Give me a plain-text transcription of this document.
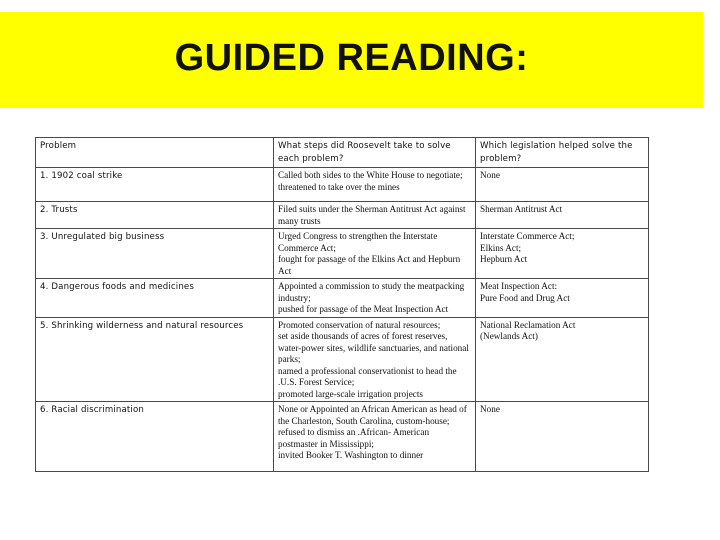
GUIDED READING:
Problem	What steps did Roosevelt take to solve each problem?	Which legislation helped solve the problem?
1. 1902 coal strike	Called both sides to the White House to negotiate;
threatened to take over the mines	None
2. Trusts	Filed suits under the Sherman Antitrust Act against many trusts	Sherman Antitrust Act
3. Unregulated big business	Urged Congress to strengthen the Interstate Commerce Act;
fought for passage of the Elkins Act and Hepburn Act	Interstate Commerce Act;
Elkins Act;
Hepburn Act
4. Dangerous foods and medicines	Appointed a commission to study the meatpacking industry;
pushed for passage of the Meat Inspection Act	Meat Inspection Act:
Pure Food and Drug Act
5. Shrinking wilderness and natural resources	Promoted conservation of natural resources;
set aside thousands of acres of forest reserves, water-power sites, wildlife sanctuaries, and national parks;
named a professional conservationist to head the .U.S. Forest Service;
promoted large-scale irrigation projects	National Reclamation Act
(Newlands Act)
6. Racial discrimination	None or Appointed an African American as head of the Charleston, South Carolina, custom-house;
refused to dismiss an .African- American postmaster in Mississippi;
invited Booker T. Washington to dinner	None
